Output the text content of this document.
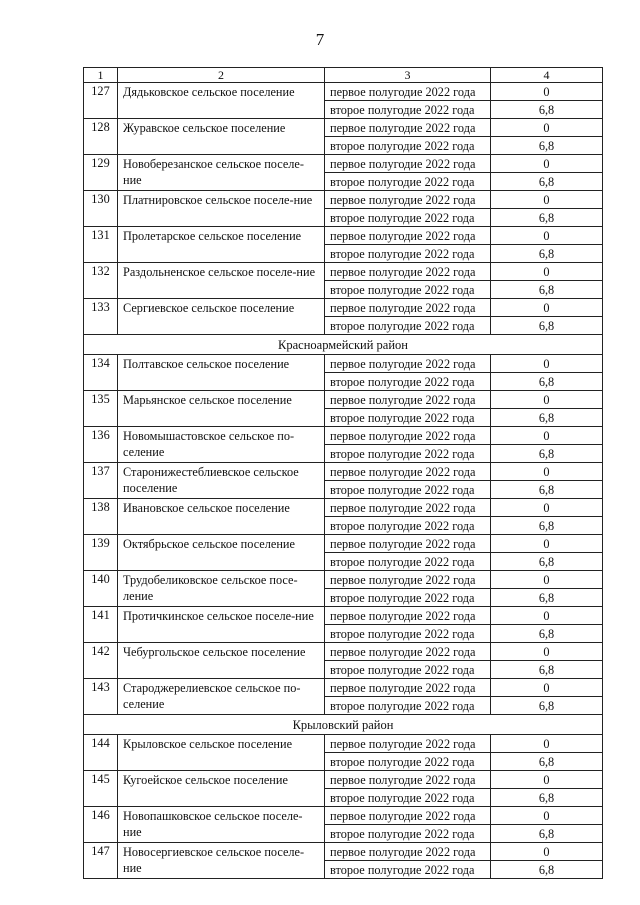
7
1	2	3	4
127	Дядьковское сельское поселение	первое полугодие 2022 года	0
		второе полугодие 2022 года	6,8
128	Журавское сельское поселение	первое полугодие 2022 года	0
		второе полугодие 2022 года	6,8
129	Новоберезанское сельское поселе-ние	первое полугодие 2022 года	0
		второе полугодие 2022 года	6,8
130	Платнировское сельское поселе-ние	первое полугодие 2022 года	0
		второе полугодие 2022 года	6,8
131	Пролетарское сельское поселение	первое полугодие 2022 года	0
		второе полугодие 2022 года	6,8
132	Раздольненское сельское поселе-ние	первое полугодие 2022 года	0
		второе полугодие 2022 года	6,8
133	Сергиевское сельское поселение	первое полугодие 2022 года	0
		второе полугодие 2022 года	6,8
Красноармейский район			
134	Полтавское сельское поселение	первое полугодие 2022 года	0
		второе полугодие 2022 года	6,8
135	Марьянское сельское поселение	первое полугодие 2022 года	0
		второе полугодие 2022 года	6,8
136	Новомышастовское сельское по-селение	первое полугодие 2022 года	0
		второе полугодие 2022 года	6,8
137	Старонижестеблиевское сельское поселение	первое полугодие 2022 года	0
		второе полугодие 2022 года	6,8
138	Ивановское сельское поселение	первое полугодие 2022 года	0
		второе полугодие 2022 года	6,8
139	Октябрьское сельское поселение	первое полугодие 2022 года	0
		второе полугодие 2022 года	6,8
140	Трудобеликовское сельское посе-ление	первое полугодие 2022 года	0
		второе полугодие 2022 года	6,8
141	Протичкинское сельское поселе-ние	первое полугодие 2022 года	0
		второе полугодие 2022 года	6,8
142	Чебургольское сельское поселение	первое полугодие 2022 года	0
		второе полугодие 2022 года	6,8
143	Староджерелиевское сельское по-селение	первое полугодие 2022 года	0
		второе полугодие 2022 года	6,8
Крыловский район			
144	Крыловское сельское поселение	первое полугодие 2022 года	0
		второе полугодие 2022 года	6,8
145	Кугоейское сельское поселение	первое полугодие 2022 года	0
		второе полугодие 2022 года	6,8
146	Новопашковское сельское поселе-ние	первое полугодие 2022 года	0
		второе полугодие 2022 года	6,8
147	Новосергиевское сельское поселе-ние	первое полугодие 2022 года	0
		второе полугодие 2022 года	6,8
